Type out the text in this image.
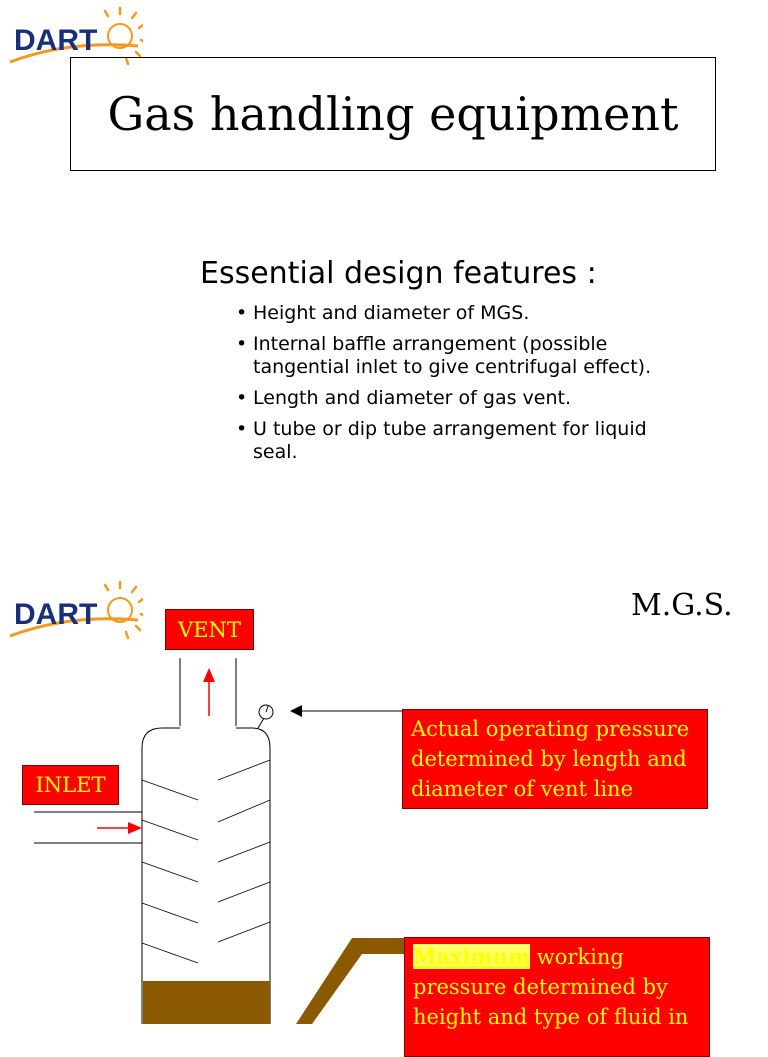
DART
Gas handling equipment
Essential design features :
• Height and diameter of MGS.
• Internal baffle arrangement (possible tangential inlet to give centrifugal effect).
• Length and diameter of gas vent.
• U tube or dip tube arrangement for liquid seal.
DART	M.G.S.
VENT
INLET
Actual operating pressure determined by length and diameter of vent line
Maximum working pressure determined by height and type of fluid in
